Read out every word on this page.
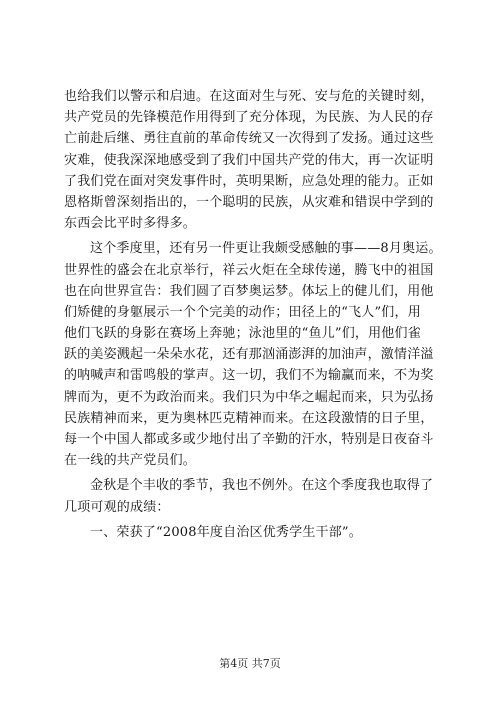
也给我们以警示和启迪。在这面对生与死、安与危的关键时刻，
共产党员的先锋模范作用得到了充分体现，为民族、为人民的存
亡前赴后继、勇往直前的革命传统又一次得到了发扬。通过这些
灾难，使我深深地感受到了我们中国共产党的伟大，再一次证明
了我们党在面对突发事件时，英明果断，应急处理的能力。正如
恩格斯曾深刻指出的，一个聪明的民族，从灾难和错误中学到的
东西会比平时多得多。
这个季度里，还有另一件更让我颇受感触的事——8月奥运。
世界性的盛会在北京举行，祥云火炬在全球传递，腾飞中的祖国
也在向世界宣告：我们圆了百梦奥运梦。体坛上的健儿们，用他
们矫健的身躯展示一个个完美的动作；田径上的“飞人”们，用
他们飞跃的身影在赛场上奔驰；泳池里的“鱼儿”们，用他们雀
跃的美姿溅起一朵朵水花，还有那汹涌澎湃的加油声，激情洋溢
的呐喊声和雷鸣般的掌声。这一切，我们不为输赢而来，不为奖
牌而为，更不为政治而来。我们只为中华之崛起而来，只为弘扬
民族精神而来，更为奥林匹克精神而来。在这段激情的日子里，
每一个中国人都或多或少地付出了辛勤的汗水，特别是日夜奋斗
在一线的共产党员们。
金秋是个丰收的季节，我也不例外。在这个季度我也取得了
几项可观的成绩：
一、荣获了“2008年度自治区优秀学生干部”。
第4页 共7页
